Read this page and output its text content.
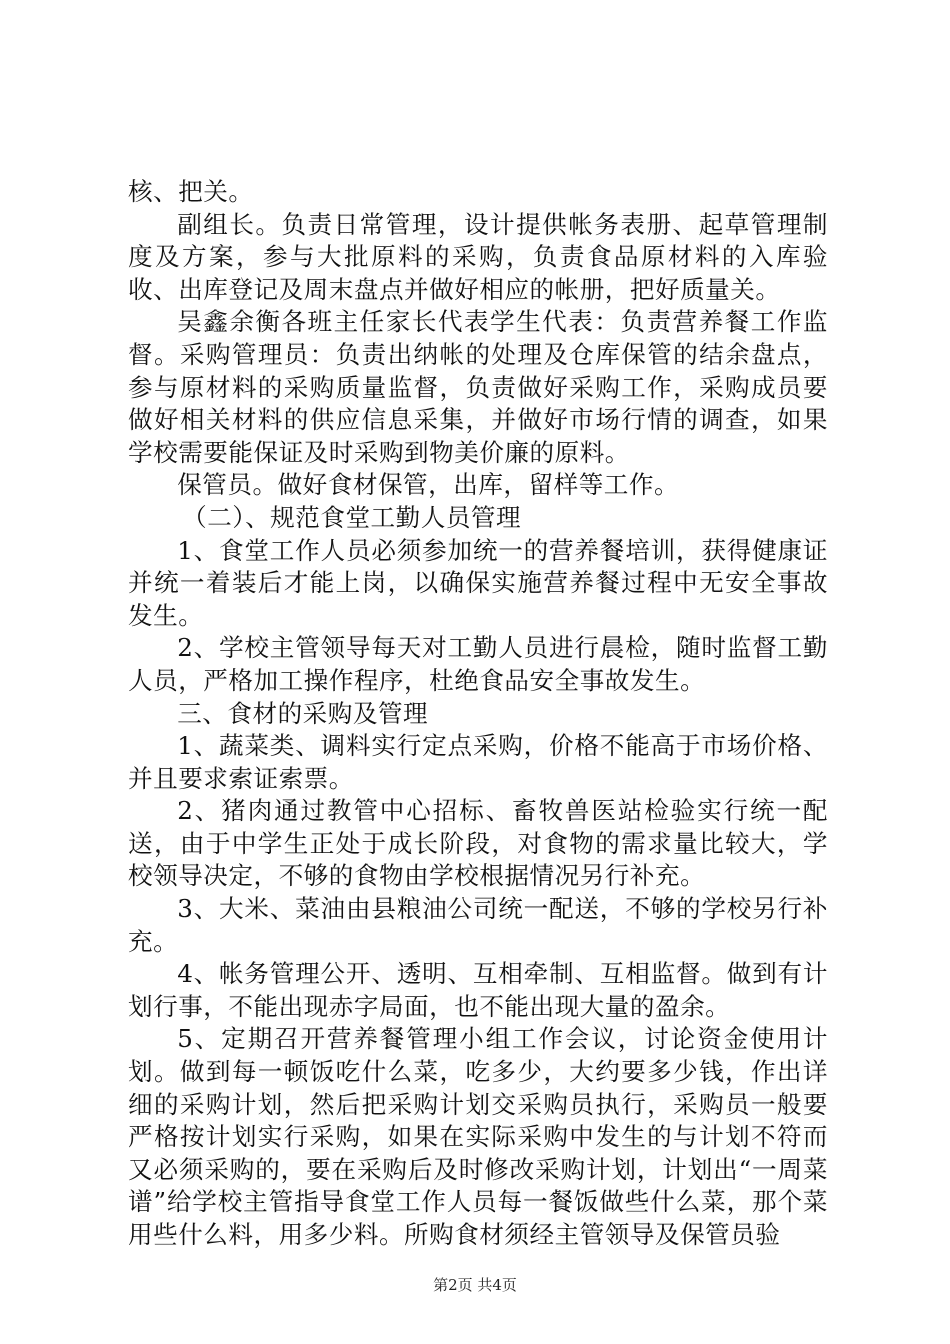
核、把关。

副组长。负责日常管理，设计提供帐务表册、起草管理制度及方案，参与大批原料的采购，负责食品原材料的入库验收、出库登记及周末盘点并做好相应的帐册，把好质量关。

吴鑫余衡各班主任家长代表学生代表：负责营养餐工作监督。采购管理员：负责出纳帐的处理及仓库保管的结余盘点，参与原材料的采购质量监督，负责做好采购工作，采购成员要做好相关材料的供应信息采集，并做好市场行情的调查，如果学校需要能保证及时采购到物美价廉的原料。

保管员。做好食材保管，出库，留样等工作。

（二）、规范食堂工勤人员管理

1、食堂工作人员必须参加统一的营养餐培训，获得健康证并统一着装后才能上岗，以确保实施营养餐过程中无安全事故发生。

2、学校主管领导每天对工勤人员进行晨检，随时监督工勤人员，严格加工操作程序，杜绝食品安全事故发生。

三、食材的采购及管理

1、蔬菜类、调料实行定点采购，价格不能高于市场价格、并且要求索证索票。

2、猪肉通过教管中心招标、畜牧兽医站检验实行统一配送，由于中学生正处于成长阶段，对食物的需求量比较大，学校领导决定，不够的食物由学校根据情况另行补充。

3、大米、菜油由县粮油公司统一配送，不够的学校另行补充。

4、帐务管理公开、透明、互相牵制、互相监督。做到有计划行事，不能出现赤字局面，也不能出现大量的盈余。

5、定期召开营养餐管理小组工作会议，讨论资金使用计划。做到每一顿饭吃什么菜，吃多少，大约要多少钱，作出详细的采购计划，然后把采购计划交采购员执行，采购员一般要严格按计划实行采购，如果在实际采购中发生的与计划不符而又必须采购的，要在采购后及时修改采购计划，计划出“一周菜谱”给学校主管指导食堂工作人员每一餐饭做些什么菜，那个菜用些什么料，用多少料。所购食材须经主管领导及保管员验

第2页 共4页
